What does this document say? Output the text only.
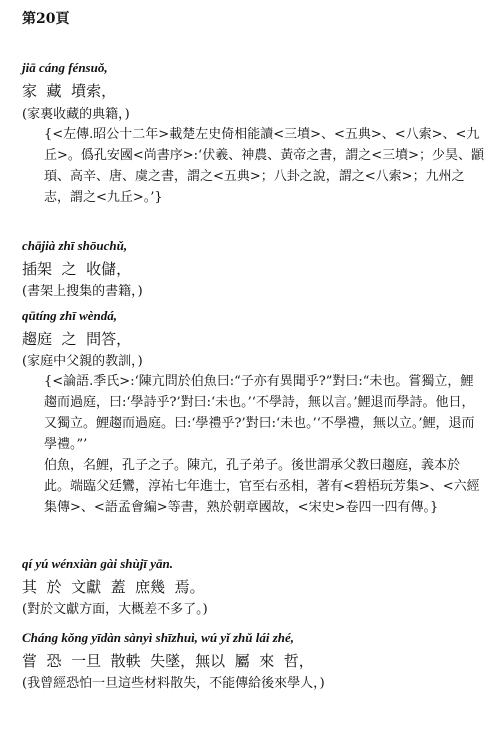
第20頁
jiā cáng fénsuǒ,
家  藏  墳索，
(家裏收藏的典籍，)
{<左傳.昭公十二年>載楚左史倚相能讀<三墳>、<五典>、<八索>、<九丘>。僞孔安國<尚書序>:‘伏羲、神農、黃帝之書，謂之<三墳>；少昊、顓頊、高辛、唐、虞之書，謂之<五典>；八卦之說，謂之<八索>；九州之志，謂之<九丘>。’}
chājià zhī shōuchǔ,
插架  之  收儲，
(書架上搜集的書籍，)
qūtíng zhī wèndá,
趨庭  之  問答，
(家庭中父親的教訓，)
{<論語.季氏>:‘陳亢問於伯魚曰:“子亦有異聞乎?”對曰:“未也。嘗獨立，鯉趨而過庭，曰:‘學詩乎?’對曰:‘未也。’‘不學詩，無以言。’鯉退而學詩。他日，又獨立。鯉趨而過庭。曰:‘學禮乎?’對曰:‘未也。’‘不學禮，無以立。’鯉，退而學禮。”’
伯魚，名鯉，孔子之子。陳亢，孔子弟子。後世謂承父教曰趨庭，義本於此。端臨父廷鸞，淳祐七年進士，官至右丞相，著有<碧梧玩芳集>、<六經集傳>、<語孟會編>等書，熟於朝章國故，<宋史>卷四一四有傳。}
qí yú wénxiàn gài shùjī yān.
其  於  文獻  蓋  庶幾  焉。
(對於文獻方面，大概差不多了。)
Cháng kǒng yīdàn sànyì shīzhuì, wú yǐ zhǔ lái zhé,
嘗  恐  一旦  散軼  失墜，無以  屬  來  哲，
(我曾經恐怕一旦這些材料散失，不能傳給後來學人，)
